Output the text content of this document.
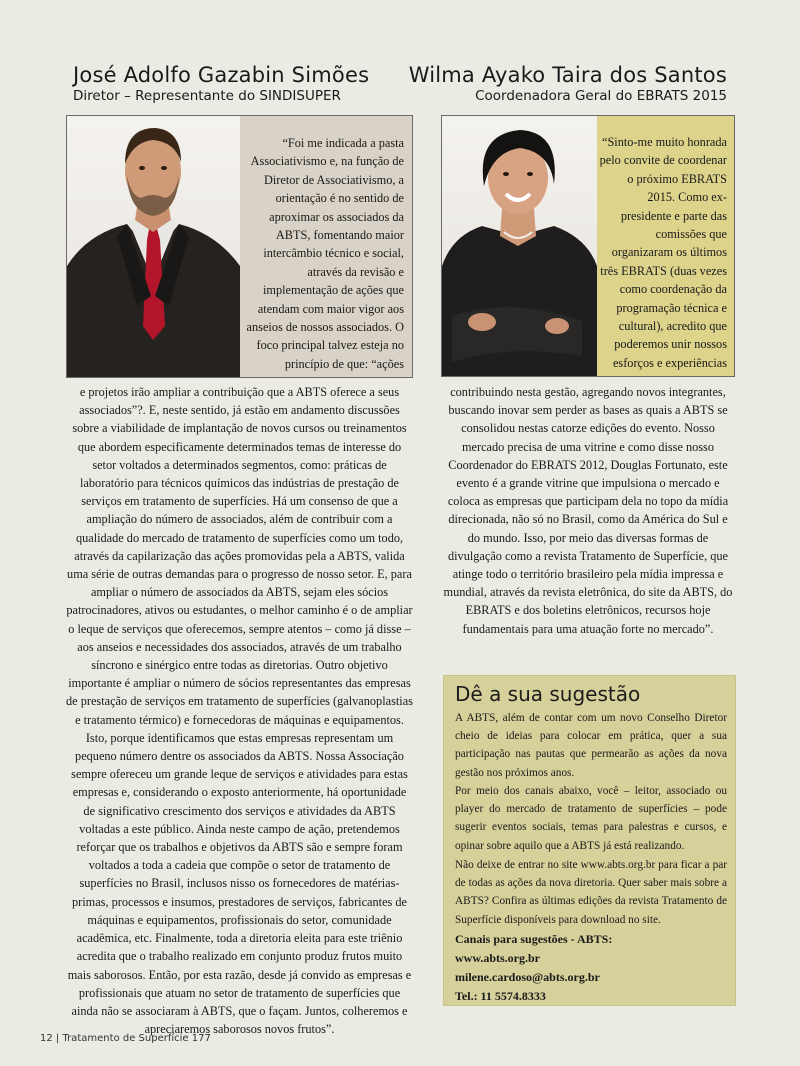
José Adolfo Gazabin Simões

Diretor – Representante do SINDISUPER

Wilma Ayako Taira dos Santos

Coordenadora Geral do EBRATS 2015

“Foi me indicada a pasta Associativismo e, na função de Diretor de Associativismo, a orientação é no sentido de aproximar os associados da ABTS, fomentando maior intercâmbio técnico e social, através da revisão e implementação de ações que atendam com maior vigor aos anseios de nossos associados. O foco principal talvez esteja no princípio de que: “ações

“Sinto-me muito honrada pelo convite de coordenar o próximo EBRATS 2015. Como ex-presidente e parte das comissões que organizaram os últimos três EBRATS (duas vezes como coordenação da programação técnica e cultural), acredito que poderemos unir nossos esforços e experiências

e projetos irão ampliar a contribuição que a ABTS oferece a seus associados”?. E, neste sentido, já estão em andamento discussões sobre a viabilidade de implantação de novos cursos ou treinamentos que abordem especificamente determinados temas de interesse do setor voltados a determinados segmentos, como: práticas de laboratório para técnicos químicos das indústrias de prestação de serviços em tratamento de superfícies. Há um consenso de que a ampliação do número de associados, além de contribuir com a qualidade do mercado de tratamento de superfícies como um todo, através da capilarização das ações promovidas pela a ABTS, valida uma série de outras demandas para o progresso de nosso setor. E, para ampliar o número de associados da ABTS, sejam eles sócios patrocinadores, ativos ou estudantes, o melhor caminho é o de ampliar o leque de serviços que oferecemos, sempre atentos – como já disse – aos anseios e necessidades dos associados, através de um trabalho síncrono e sinérgico entre todas as diretorias. Outro objetivo importante é ampliar o número de sócios representantes das empresas de prestação de serviços em tratamento de superfícies (galvanoplastias e tratamento térmico) e fornecedoras de máquinas e equipamentos. Isto, porque identificamos que estas empresas representam um pequeno número dentre os associados da ABTS. Nossa Associação sempre ofereceu um grande leque de serviços e atividades para estas empresas e, considerando o exposto anteriormente, há oportunidade de significativo crescimento dos serviços e atividades da ABTS voltadas a este público. Ainda neste campo de ação, pretendemos reforçar que os trabalhos e objetivos da ABTS são e sempre foram voltados a toda a cadeia que compõe o setor de tratamento de superfícies no Brasil, inclusos nisso os fornecedores de matérias-primas, processos e insumos, prestadores de serviços, fabricantes de máquinas e equipamentos, profissionais do setor, comunidade acadêmica, etc. Finalmente, toda a diretoria eleita para este triênio acredita que o trabalho realizado em conjunto produz frutos muito mais saborosos. Então, por esta razão, desde já convido as empresas e profissionais que atuam no setor de tratamento de superfícies que ainda não se associaram à ABTS, que o façam. Juntos, colheremos e apreciaremos saborosos novos frutos”.

contribuindo nesta gestão, agregando novos integrantes, buscando inovar sem perder as bases as quais a ABTS se consolidou nestas catorze edições do evento. Nosso mercado precisa de uma vitrine e como disse nosso Coordenador do EBRATS 2012, Douglas Fortunato, este evento é a grande vitrine que impulsiona o mercado e coloca as empresas que participam dela no topo da mídia direcionada, não só no Brasil, como da América do Sul e do mundo. Isso, por meio das diversas formas de divulgação como a revista Tratamento de Superfície, que atinge todo o território brasileiro pela mídia impressa e mundial, através da revista eletrônica, do site da ABTS, do EBRATS e dos boletins eletrônicos, recursos hoje fundamentais para uma atuação forte no mercado”.

Dê a sua sugestão

A ABTS, além de contar com um novo Conselho Diretor cheio de ideias para colocar em prática, quer a sua participação nas pautas que permearão as ações da nova gestão nos próximos anos.

Por meio dos canais abaixo, você – leitor, associado ou player do mercado de tratamento de superfícies – pode sugerir eventos sociais, temas para palestras e cursos, e opinar sobre aquilo que a ABTS já está realizando.

Não deixe de entrar no site www.abts.org.br para ficar a par de todas as ações da nova diretoria. Quer saber mais sobre a ABTS? Confira as últimas edições da revista Tratamento de Superfície disponíveis para download no site.

Canais para sugestões - ABTS:

www.abts.org.br

milene.cardoso@abts.org.br

Tel.: 11 5574.8333

12 | Tratamento de Superfície 177
